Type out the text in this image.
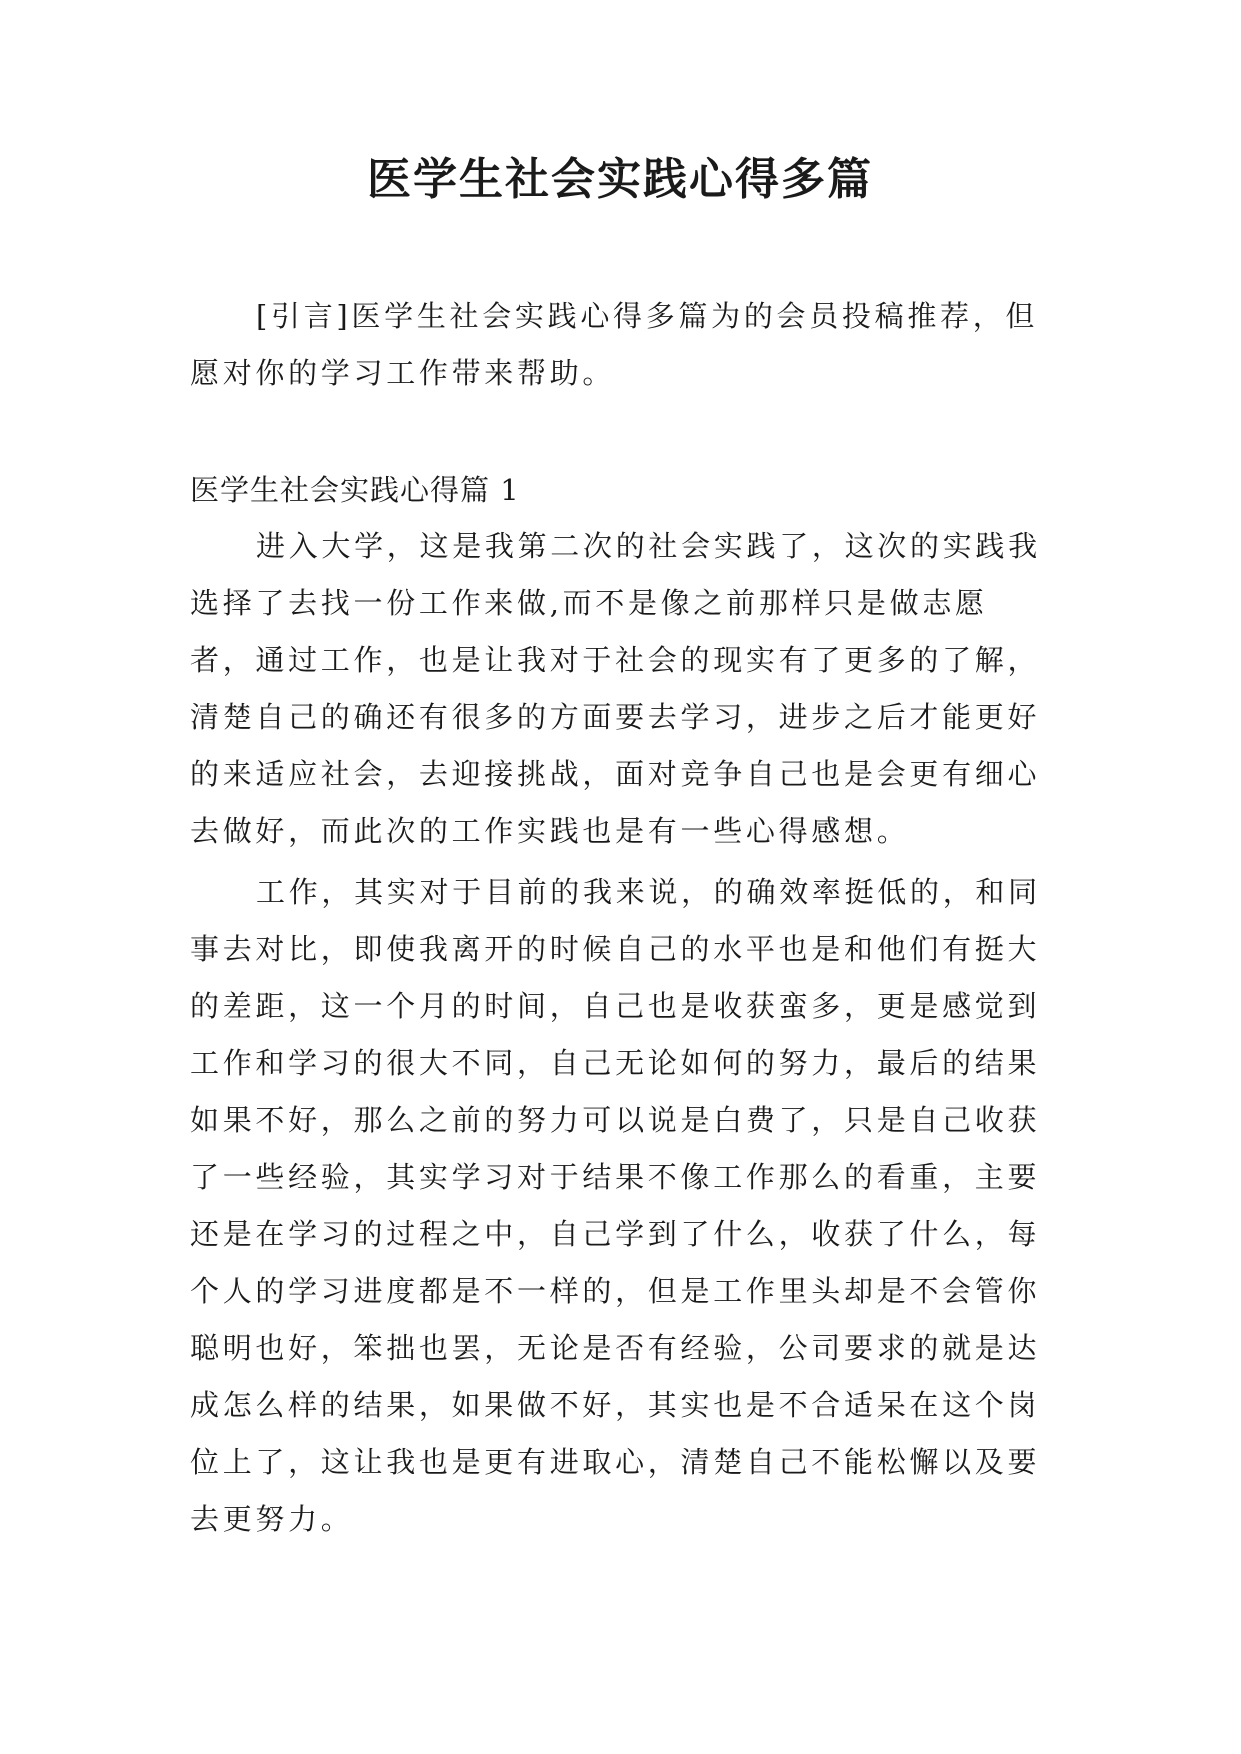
医学生社会实践心得多篇
[引言]医学生社会实践心得多篇为的会员投稿推荐，但愿对你的学习工作带来帮助。
医学生社会实践心得篇 1
进入大学，这是我第二次的社会实践了，这次的实践我选择了去找一份工作来做,而不是像之前那样只是做志愿者，通过工作，也是让我对于社会的现实有了更多的了解，清楚自己的确还有很多的方面要去学习，进步之后才能更好的来适应社会，去迎接挑战，面对竞争自己也是会更有细心去做好，而此次的工作实践也是有一些心得感想。
工作，其实对于目前的我来说，的确效率挺低的，和同事去对比，即使我离开的时候自己的水平也是和他们有挺大的差距，这一个月的时间，自己也是收获蛮多，更是感觉到工作和学习的很大不同，自己无论如何的努力，最后的结果如果不好，那么之前的努力可以说是白费了，只是自己收获了一些经验，其实学习对于结果不像工作那么的看重，主要还是在学习的过程之中，自己学到了什么，收获了什么，每个人的学习进度都是不一样的，但是工作里头却是不会管你聪明也好，笨拙也罢，无论是否有经验，公司要求的就是达成怎么样的结果，如果做不好，其实也是不合适呆在这个岗位上了，这让我也是更有进取心，清楚自己不能松懈以及要去更努力。
